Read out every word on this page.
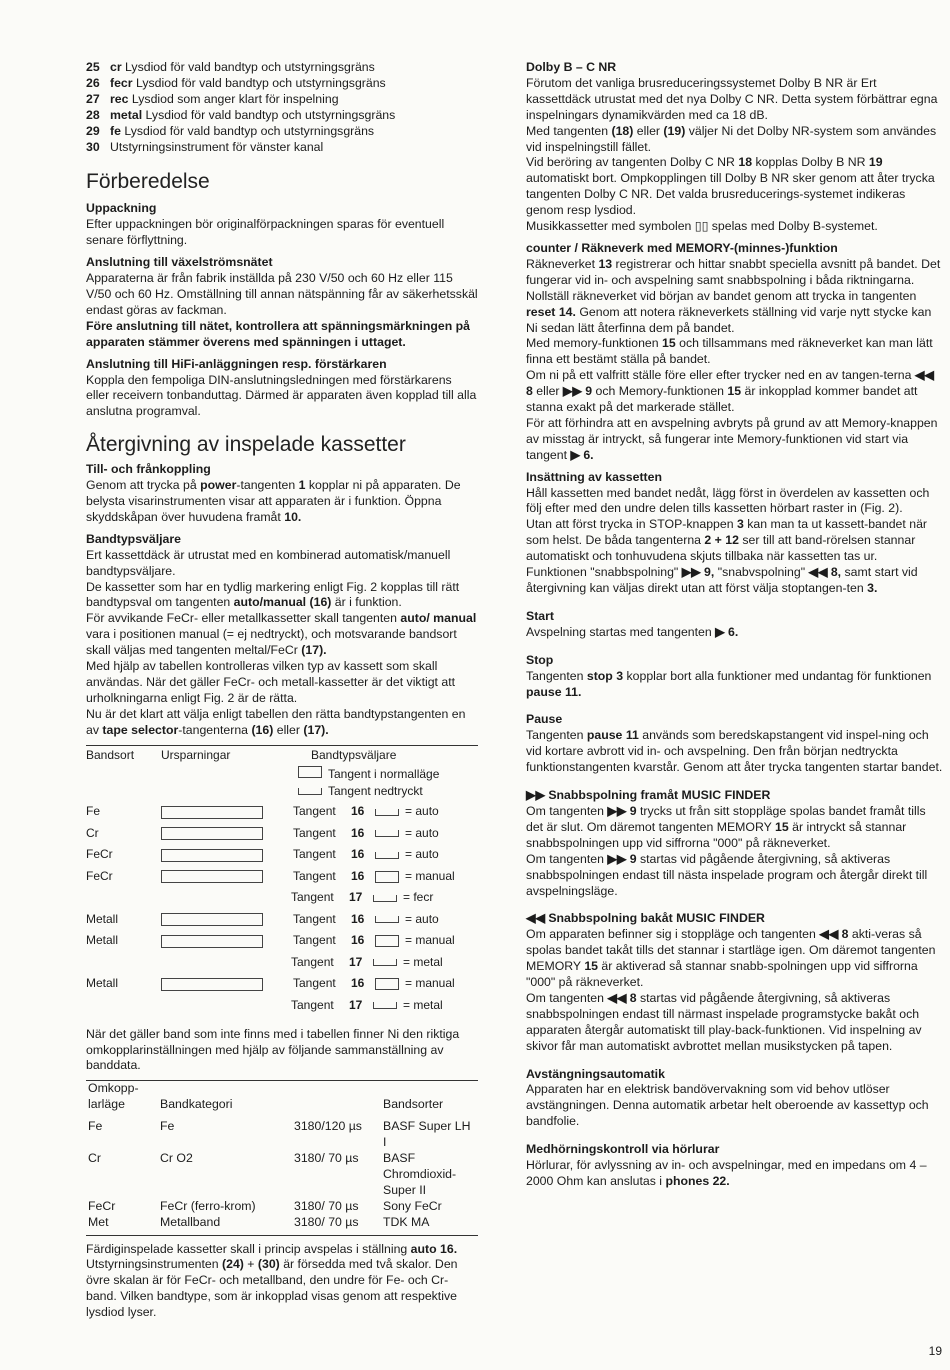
25 cr Lysdiod för vald bandtyp och utstyrningsgräns
26 fecr Lysdiod för vald bandtyp och utstyrningsgräns
27 rec Lysdiod som anger klart för inspelning
28 metal Lysdiod för vald bandtyp och utstyrningsgräns
29 fe Lysdiod för vald bandtyp och utstyrningsgräns
30 Utstyrningsinstrument för vänster kanal
Förberedelse

Uppackning

Efter uppackningen bör originalförpackningen sparas för eventuell senare förflyttning.

Anslutning till växelströmsnätet

Apparaterna är från fabrik inställda på 230 V/50 och 60 Hz eller 115 V/50 och 60 Hz. Omställning till annan nätspänning får av säkerhetsskäl endast göras av fackman.

Före anslutning till nätet, kontrollera att spänningsmärkningen på apparaten stämmer överens med spänningen i uttaget.

Anslutning till HiFi-anläggningen resp. förstärkaren

Koppla den fempoliga DIN-anslutningsledningen med förstärkarens eller receivern tonbanduttag. Därmed är apparaten även kopplad till alla anslutna programval.

Återgivning av inspelade kassetter

Till- och frånkoppling

Genom att trycka på power-tangenten 1 kopplar ni på apparaten. De belysta visarinstrumenten visar att apparaten är i funktion. Öppna skyddskåpan över huvudena framåt 10.

Bandtypsväljare

Ert kassettdäck är utrustat med en kombinerad automatisk/manuell bandtypsväljare.

De kassetter som har en tydlig markering enligt Fig. 2 kopplas till rätt bandtypsval om tangenten auto/manual (16) är i funktion.

För avvikande FeCr- eller metallkassetter skall tangenten auto/ manual vara i positionen manual (= ej nedtryckt), och motsvarande bandsort skall väljas med tangenten meltal/FeCr (17).

Med hjälp av tabellen kontrolleras vilken typ av kassett som skall användas. När det gäller FeCr- och metall-kassetter är det viktigt att urholkningarna enligt Fig. 2 är de rätta.

Nu är det klart att välja enligt tabellen den rätta bandtypstangenten en av tape selector-tangenterna (16) eller (17).

Bandsort	Ursparningar	Bandtypsväljare
Tangent i normalläge
Tangent nedtryckt
Fe	Tangent	16	= auto
Cr	Tangent	16	= auto
FeCr	Tangent	16	= auto
FeCr	Tangent	16	= manual
Tangent	17	= fecr
Metall	Tangent	16	= auto
Metall	Tangent	16	= manual
Tangent	17	= metal
Metall	Tangent	16	= manual
Tangent	17	= metal

När det gäller band som inte finns med i tabellen finner Ni den riktiga omkopplarinställningen med hjälp av följande sammanställning av banddata.

Omkopp-larläge	Bandkategori		Bandsorter
Fe	Fe	3180/120 µs	BASF Super LH I
Cr	Cr O2	3180/ 70 µs	BASF Chromdioxid-Super II
FeCr	FeCr (ferro-krom)	3180/ 70 µs	Sony FeCr
Met	Metallband	3180/ 70 µs	TDK MA

Färdiginspelade kassetter skall i princip avspelas i ställning auto 16. Utstyrningsinstrumenten (24) + (30) är försedda med två skalor. Den övre skalan är för FeCr- och metallband, den undre för Fe- och Cr-band. Vilken bandtype, som är inkopplad visas genom att respektive lysdiod lyser.

Dolby B – C NR

Förutom det vanliga brusreduceringssystemet Dolby B NR är Ert kassettdäck utrustat med det nya Dolby C NR. Detta system förbättrar egna inspelningars dynamikvärden med ca 18 dB.

Med tangenten (18) eller (19) väljer Ni det Dolby NR-system som användes vid inspelningstill fället.

Vid beröring av tangenten Dolby C NR 18 kopplas Dolby B NR 19 automatiskt bort. Ompkopplingen till Dolby B NR sker genom att åter trycka tangenten Dolby C NR. Det valda brusreducerings-systemet indikeras genom resp lysdiod.

Musikkassetter med symbolen ▯▯ spelas med Dolby B-systemet.

counter / Räkneverk med MEMORY-(minnes-)funktion

Räkneverket 13 registrerar och hittar snabbt speciella avsnitt på bandet. Det fungerar vid in- och avspelning samt snabbspolning i båda riktningarna.

Nollställ räkneverket vid början av bandet genom att trycka in tangenten reset 14. Genom att notera räkneverkets ställning vid varje nytt stycke kan Ni sedan lätt återfinna dem på bandet.

Med memory-funktionen 15 och tillsammans med räkneverket kan man lätt finna ett bestämt ställa på bandet.

Om ni på ett valfritt ställe före eller efter trycker ned en av tangen-terna ◀◀ 8 eller ▶▶ 9 och Memory-funktionen 15 är inkopplad kommer bandet att stanna exakt på det markerade stället.

För att förhindra att en avspelning avbryts på grund av att Memory-knappen av misstag är intryckt, så fungerar inte Memory-funktionen vid start via tangent ▶ 6.

Insättning av kassetten

Håll kassetten med bandet nedåt, lägg först in överdelen av kassetten och följ efter med den undre delen tills kassetten hörbart raster in (Fig. 2).

Utan att först trycka in STOP-knappen 3 kan man ta ut kassett-bandet när som helst. De båda tangenterna 2 + 12 ser till att band-rörelsen stannar automatiskt och tonhuvudena skjuts tillbaka när kassetten tas ur.

Funktionen "snabbspolning" ▶▶ 9, "snabvspolning" ◀◀ 8, samt start vid återgivning kan väljas direkt utan att först välja stoptangen-ten 3.

Start

Avspelning startas med tangenten ▶ 6.

Stop

Tangenten stop 3 kopplar bort alla funktioner med undantag för funktionen pause 11.

Pause

Tangenten pause 11 används som beredskapstangent vid inspel-ning och vid kortare avbrott vid in- och avspelning. Den från början nedtryckta funktionstangenten kvarstår. Genom att åter trycka tangenten startar bandet.

▶▶ Snabbspolning framåt MUSIC FINDER

Om tangenten ▶▶ 9 trycks ut från sitt stoppläge spolas bandet framåt tills det är slut. Om däremot tangenten MEMORY 15 är intryckt så stannar snabbspolningen upp vid siffrorna "000" på räkneverket.

Om tangenten ▶▶ 9 startas vid pågående återgivning, så aktiveras snabbspolningen endast till nästa inspelade program och återgår direkt till avspelningsläge.

◀◀ Snabbspolning bakåt MUSIC FINDER

Om apparaten befinner sig i stoppläge och tangenten ◀◀ 8 akti-veras så spolas bandet takåt tills det stannar i startläge igen. Om däremot tangenten MEMORY 15 är aktiverad så stannar snabb-spolningen upp vid siffrorna "000" på räkneverket.

Om tangenten ◀◀ 8 startas vid pågående återgivning, så aktiveras snabbspolningen endast till närmast inspelade programstycke bakåt och apparaten återgår automatiskt till play-back-funktionen. Vid inspelning av skivor får man automatiskt avbrottet mellan musikstycken på tapen.

Avstängningsautomatik

Apparaten har en elektrisk bandövervakning som vid behov utlöser avstängningen. Denna automatik arbetar helt oberoende av kassettyp och bandfolie.

Medhörningskontroll via hörlurar

Hörlurar, för avlyssning av in- och avspelningar, med en impedans om 4 – 2000 Ohm kan anslutas i phones 22.

19
